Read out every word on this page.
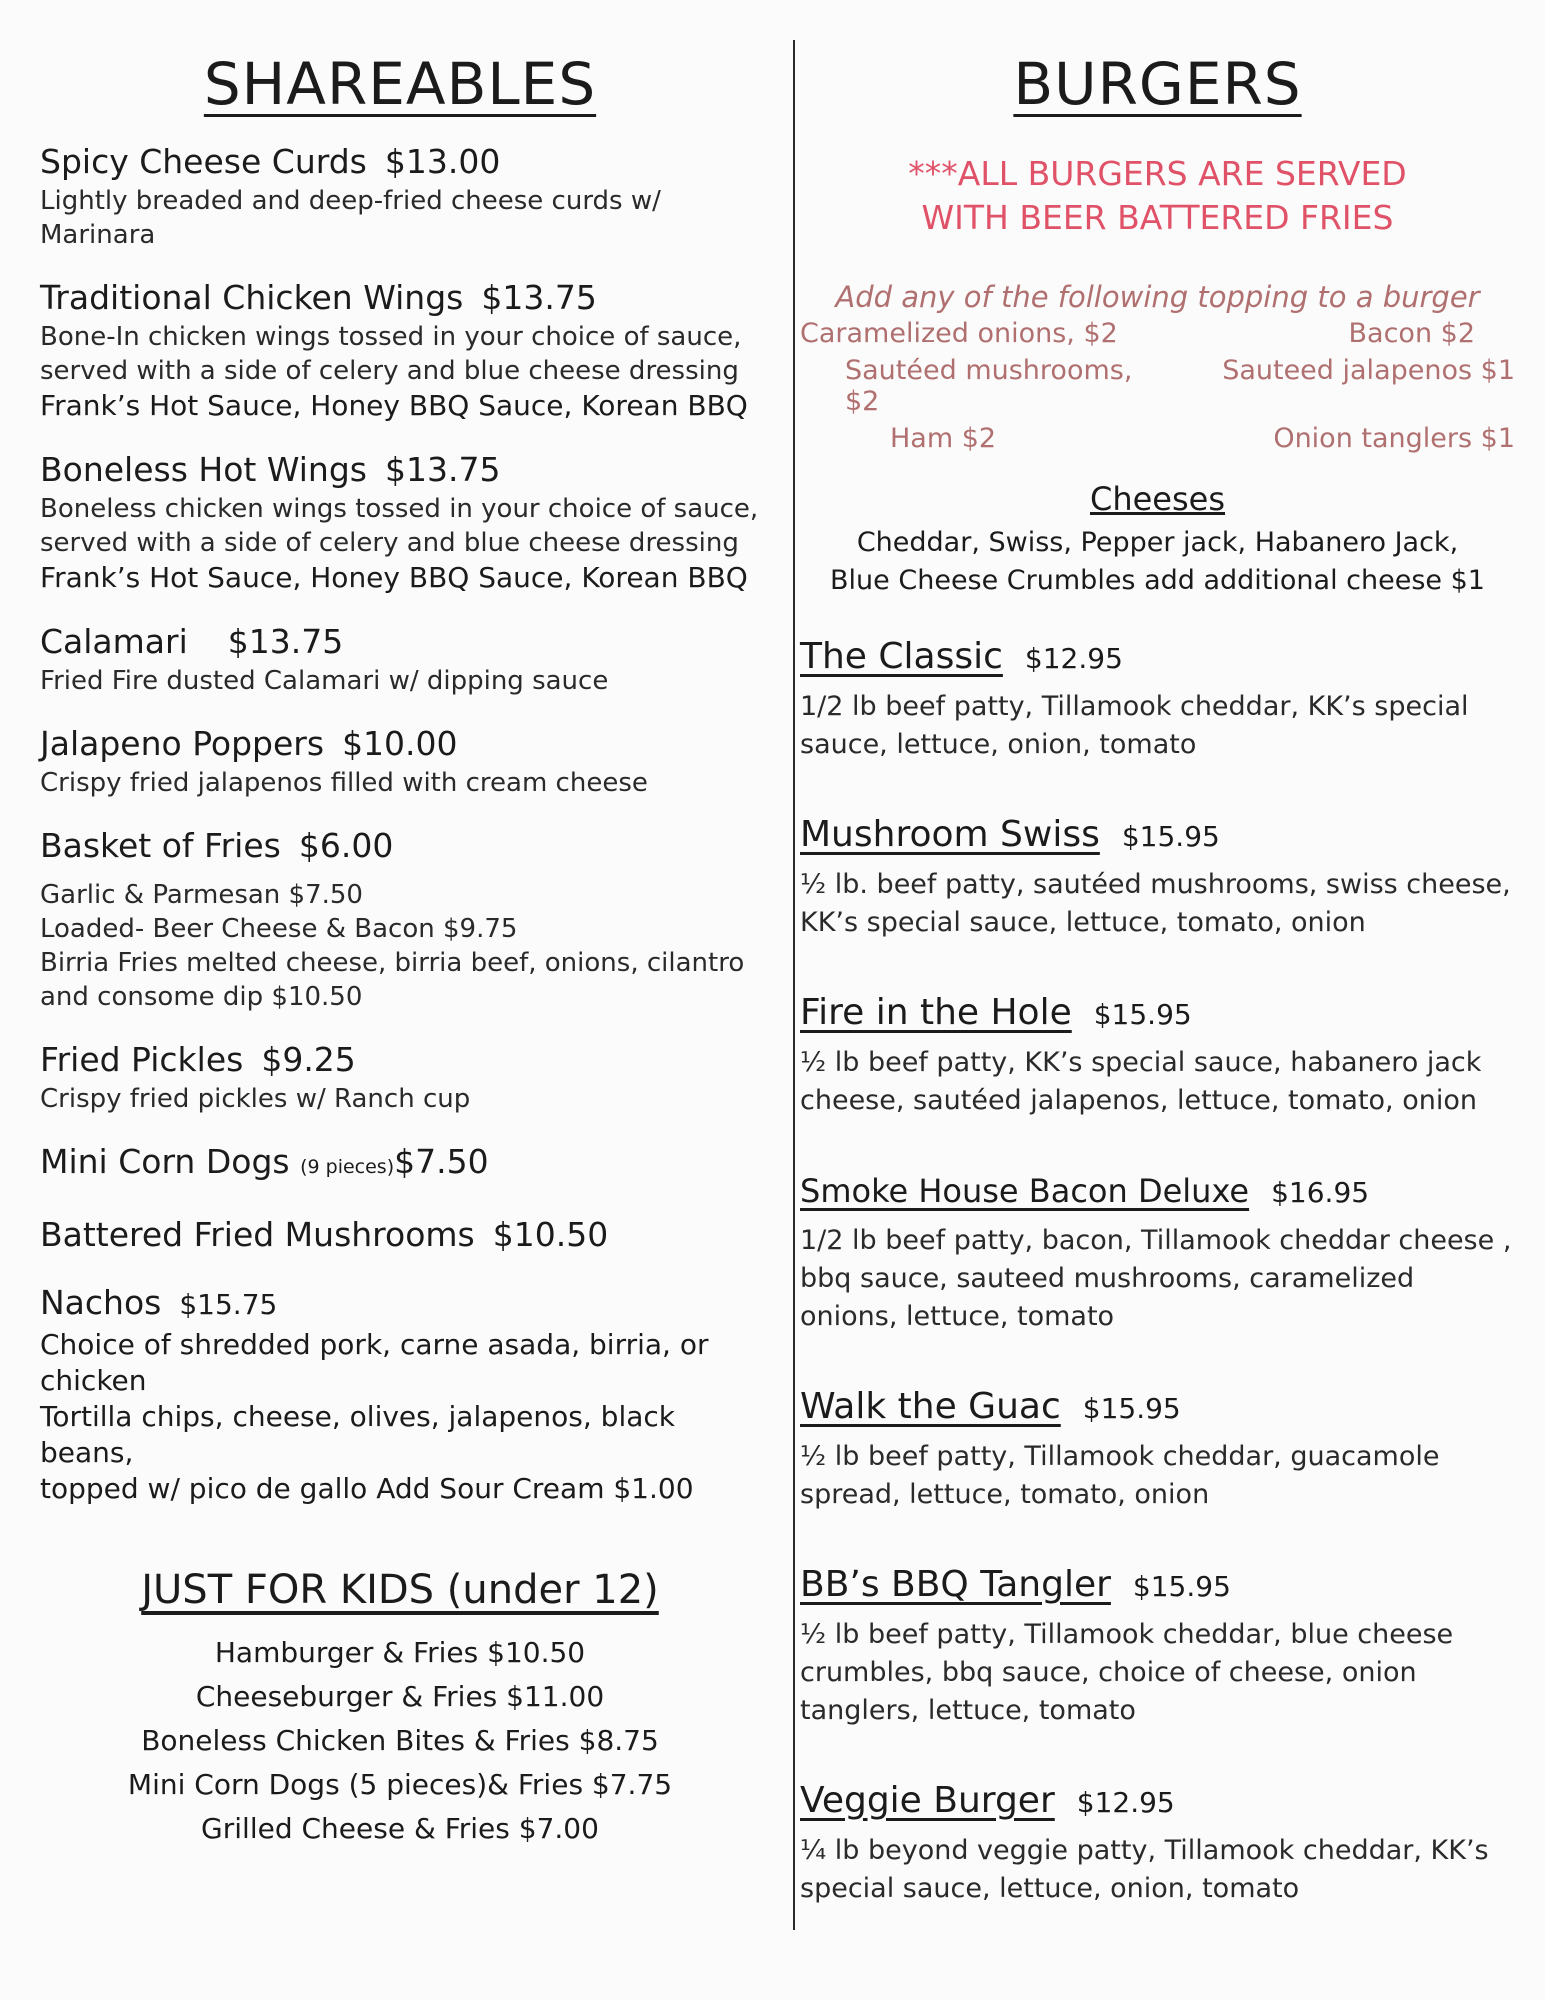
SHAREABLES
Spicy Cheese Curds $13.00
Lightly breaded and deep-fried cheese curds w/ Marinara
Traditional Chicken Wings $13.75
Bone-In chicken wings tossed in your choice of sauce, served with a side of celery and blue cheese dressing
Frank’s Hot Sauce, Honey BBQ Sauce, Korean BBQ
Boneless Hot Wings $13.75
Boneless chicken wings tossed in your choice of sauce, served with a side of celery and blue cheese dressing
Frank’s Hot Sauce, Honey BBQ Sauce, Korean BBQ
Calamari $13.75
Fried Fire dusted Calamari w/ dipping sauce
Jalapeno Poppers $10.00
Crispy fried jalapenos filled with cream cheese
Basket of Fries $6.00
Garlic & Parmesan $7.50
Loaded- Beer Cheese & Bacon $9.75
Birria Fries melted cheese, birria beef, onions, cilantro and consome dip $10.50
Fried Pickles $9.25
Crispy fried pickles w/ Ranch cup
Mini Corn Dogs (9 pieces)$7.50
Battered Fried Mushrooms $10.50
Nachos $15.75
Choice of shredded pork, carne asada, birria, or chicken
Tortilla chips, cheese, olives, jalapenos, black beans,
topped w/ pico de gallo Add Sour Cream $1.00
JUST FOR KIDS (under 12)
Hamburger & Fries $10.50
Cheeseburger & Fries $11.00
Boneless Chicken Bites & Fries $8.75
Mini Corn Dogs (5 pieces)& Fries $7.75
Grilled Cheese & Fries $7.00
BURGERS
***ALL BURGERS ARE SERVED
WITH BEER BATTERED FRIES
Add any of the following topping to a burger
Caramelized onions, $2	Bacon $2
Sautéed mushrooms, $2
Sauteed jalapenos $1
Ham $2	Onion tanglers $1
Cheeses
Cheddar, Swiss, Pepper jack, Habanero Jack,
Blue Cheese Crumbles add additional cheese $1
The Classic $12.95
1/2 lb beef patty, Tillamook cheddar, KK’s special sauce, lettuce, onion, tomato
Mushroom Swiss $15.95
½ lb. beef patty, sautéed mushrooms, swiss cheese, KK’s special sauce, lettuce, tomato, onion
Fire in the Hole $15.95
½ lb beef patty, KK’s special sauce, habanero jack cheese, sautéed jalapenos, lettuce, tomato, onion
Smoke House Bacon Deluxe $16.95
1/2 lb beef patty, bacon, Tillamook cheddar cheese , bbq sauce, sauteed mushrooms, caramelized onions, lettuce, tomato
Walk the Guac $15.95
½ lb beef patty, Tillamook cheddar, guacamole spread, lettuce, tomato, onion
BB’s BBQ Tangler $15.95
½ lb beef patty, Tillamook cheddar, blue cheese crumbles, bbq sauce, choice of cheese, onion tanglers, lettuce, tomato
Veggie Burger $12.95
¼ lb beyond veggie patty, Tillamook cheddar, KK’s special sauce, lettuce, onion, tomato
